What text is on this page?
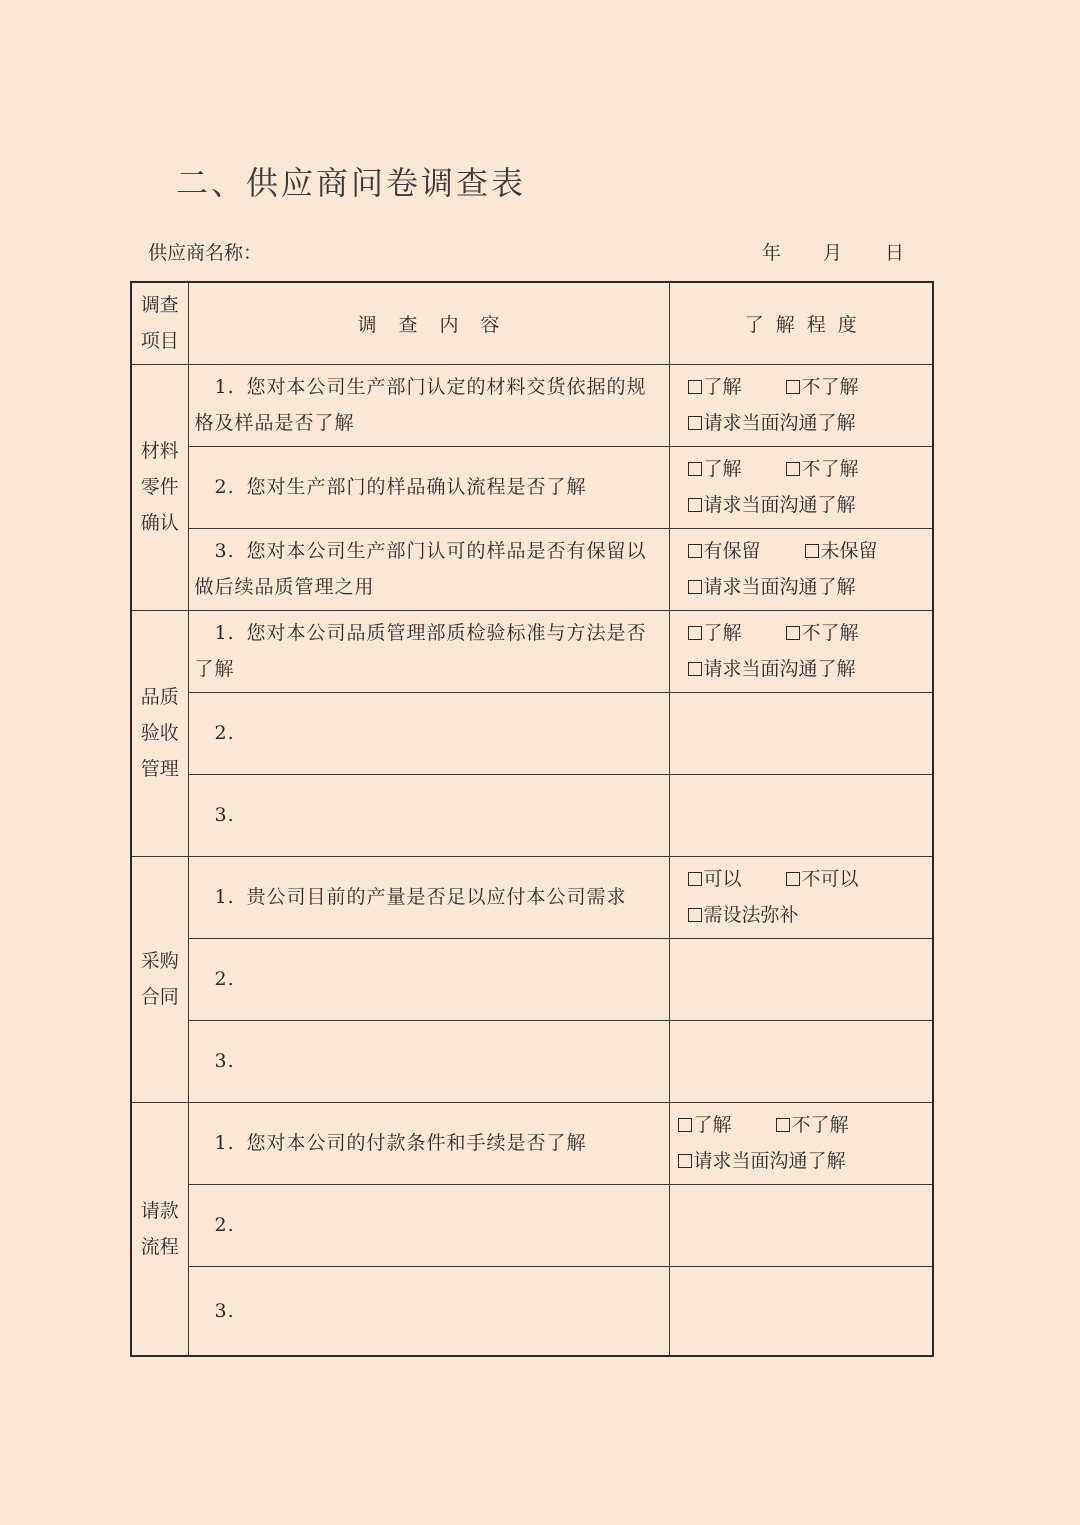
二、供应商问卷调查表
供应商名称：	年 月 日
调查
项目	调查内容	了解程度

材料
零件
确认	1. 您对本公司生产部门认定的材料交货依据的规格及样品是否了解	了解 不了解
请求当面沟通了解

	2. 您对生产部门的样品确认流程是否了解	了解 不了解
请求当面沟通了解

	3. 您对本公司生产部门认可的样品是否有保留以做后续品质管理之用	有保留 未保留
请求当面沟通了解

品质
验收
管理	1. 您对本公司品质管理部质检验标准与方法是否了解	了解 不了解
请求当面沟通了解

	2.	
	3.	

采购
合同	1. 贵公司目前的产量是否足以应付本公司需求	可以 不可以
需设法弥补

	2.	
	3.	

请款
流程	1. 您对本公司的付款条件和手续是否了解	了解 不了解
请求当面沟通了解

	2.	
	3.	
